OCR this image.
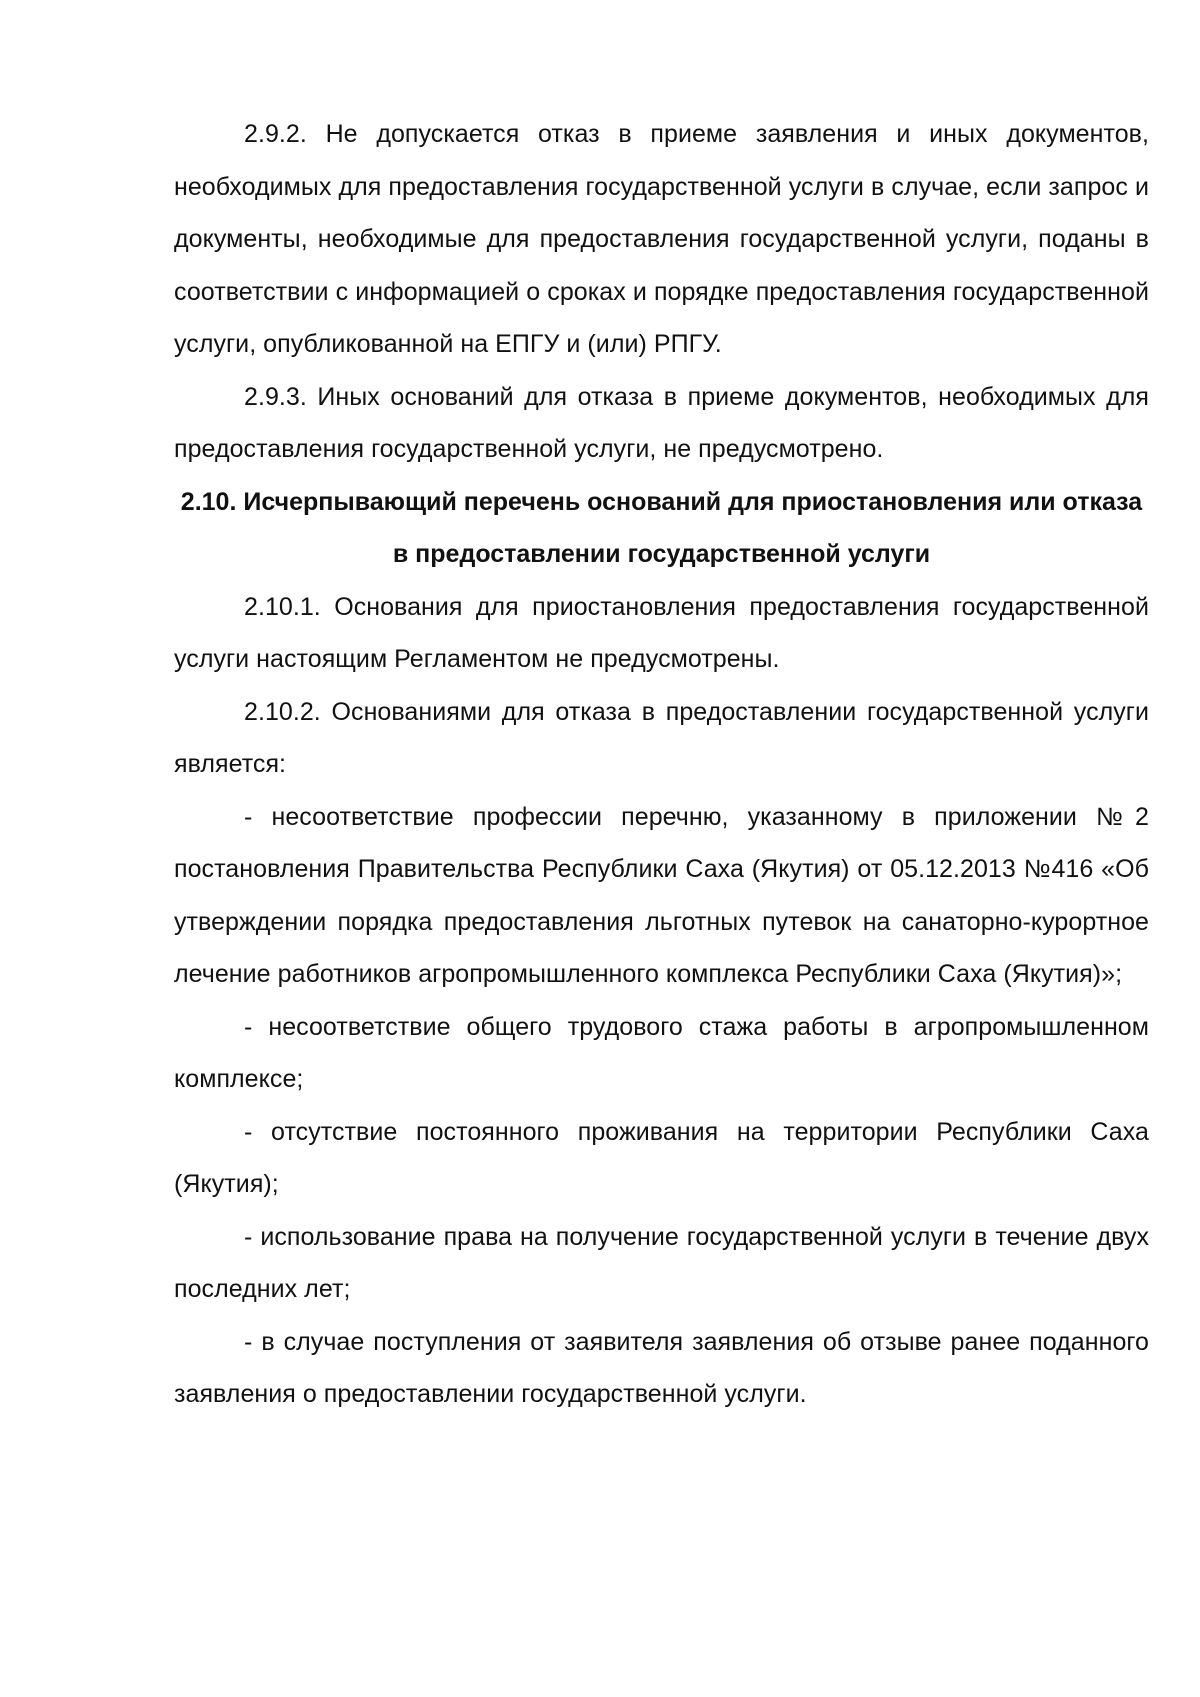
2.9.2. Не допускается отказ в приеме заявления и иных документов, необходимых для предоставления государственной услуги в случае, если запрос и документы, необходимые для предоставления государственной услуги, поданы в соответствии с информацией о сроках и порядке предоставления государственной услуги, опубликованной на ЕПГУ и (или) РПГУ.

2.9.3. Иных оснований для отказа в приеме документов, необходимых для предоставления государственной услуги, не предусмотрено.

2.10. Исчерпывающий перечень оснований для приостановления или отказа в предоставлении государственной услуги

2.10.1. Основания для приостановления предоставления государственной услуги настоящим Регламентом не предусмотрены.

2.10.2. Основаниями для отказа в предоставлении государственной услуги является:

- несоответствие профессии перечню, указанному в приложении №2 постановления Правительства Республики Саха (Якутия) от 05.12.2013 №416 «Об утверждении порядка предоставления льготных путевок на санаторно-курортное лечение работников агропромышленного комплекса Республики Саха (Якутия)»;

- несоответствие общего трудового стажа работы в агропромышленном комплексе;

- отсутствие постоянного проживания на территории Республики Саха (Якутия);

- использование права на получение государственной услуги в течение двух последних лет;

- в случае поступления от заявителя заявления об отзыве ранее поданного заявления о предоставлении государственной услуги.
